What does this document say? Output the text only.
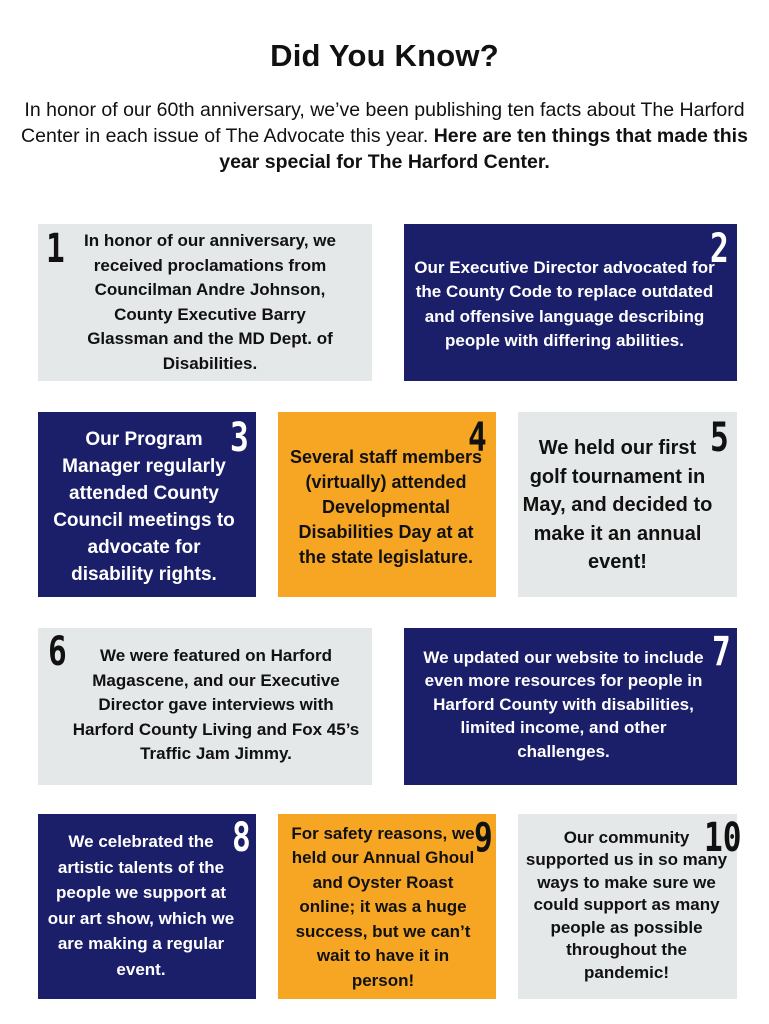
Did You Know?
In honor of our 60th anniversary, we’ve been publishing ten facts about The Harford Center in each issue of The Advocate this year. Here are ten things that made this year special for The Harford Center.
1	In honor of our anniversary, we received proclamations from Councilman Andre Johnson, County Executive Barry Glassman and the MD Dept. of Disabilities.
2
Our Executive Director advocated for the County Code to replace outdated and offensive language describing people with differing abilities.
3
Our Program Manager regularly attended County Council meetings to advocate for disability rights.
4
Several staff members (virtually) attended Developmental Disabilities Day at at the state legislature.
5
We held our first golf tournament in May, and decided to make it an annual event!
6	We were featured on Harford Magascene, and our Executive Director gave interviews with Harford County Living and Fox 45’s Traffic Jam Jimmy.
7
We updated our website to include even more resources for people in Harford County with disabilities, limited income, and other challenges.
8
We celebrated the artistic talents of the people we support at our art show, which we are making a regular event.
9
For safety reasons, we held our Annual Ghoul and Oyster Roast online; it was a huge success, but we can’t wait to have it in person!
10
Our community supported us in so many ways to make sure we could support as many people as possible throughout the pandemic!
